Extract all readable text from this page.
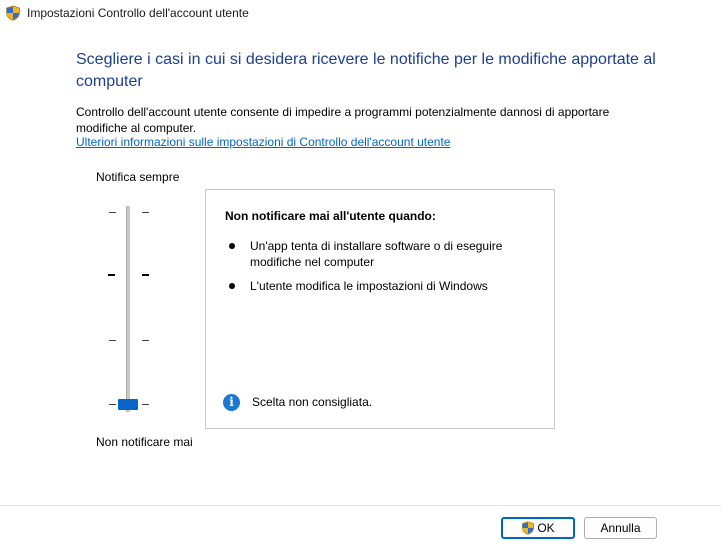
Impostazioni Controllo dell'account utente
Scegliere i casi in cui si desidera ricevere le notifiche per le modifiche apportate al computer
Controllo dell'account utente consente di impedire a programmi potenzialmente dannosi di apportare modifiche al computer.
Ulteriori informazioni sulle impostazioni di Controllo dell'account utente
Notifica sempre
Non notificare mai
Non notificare mai all'utente quando:
Un'app tenta di installare software o di eseguire modifiche nel computer
L'utente modifica le impostazioni di Windows
i	Scelta non consigliata.
OK	Annulla
